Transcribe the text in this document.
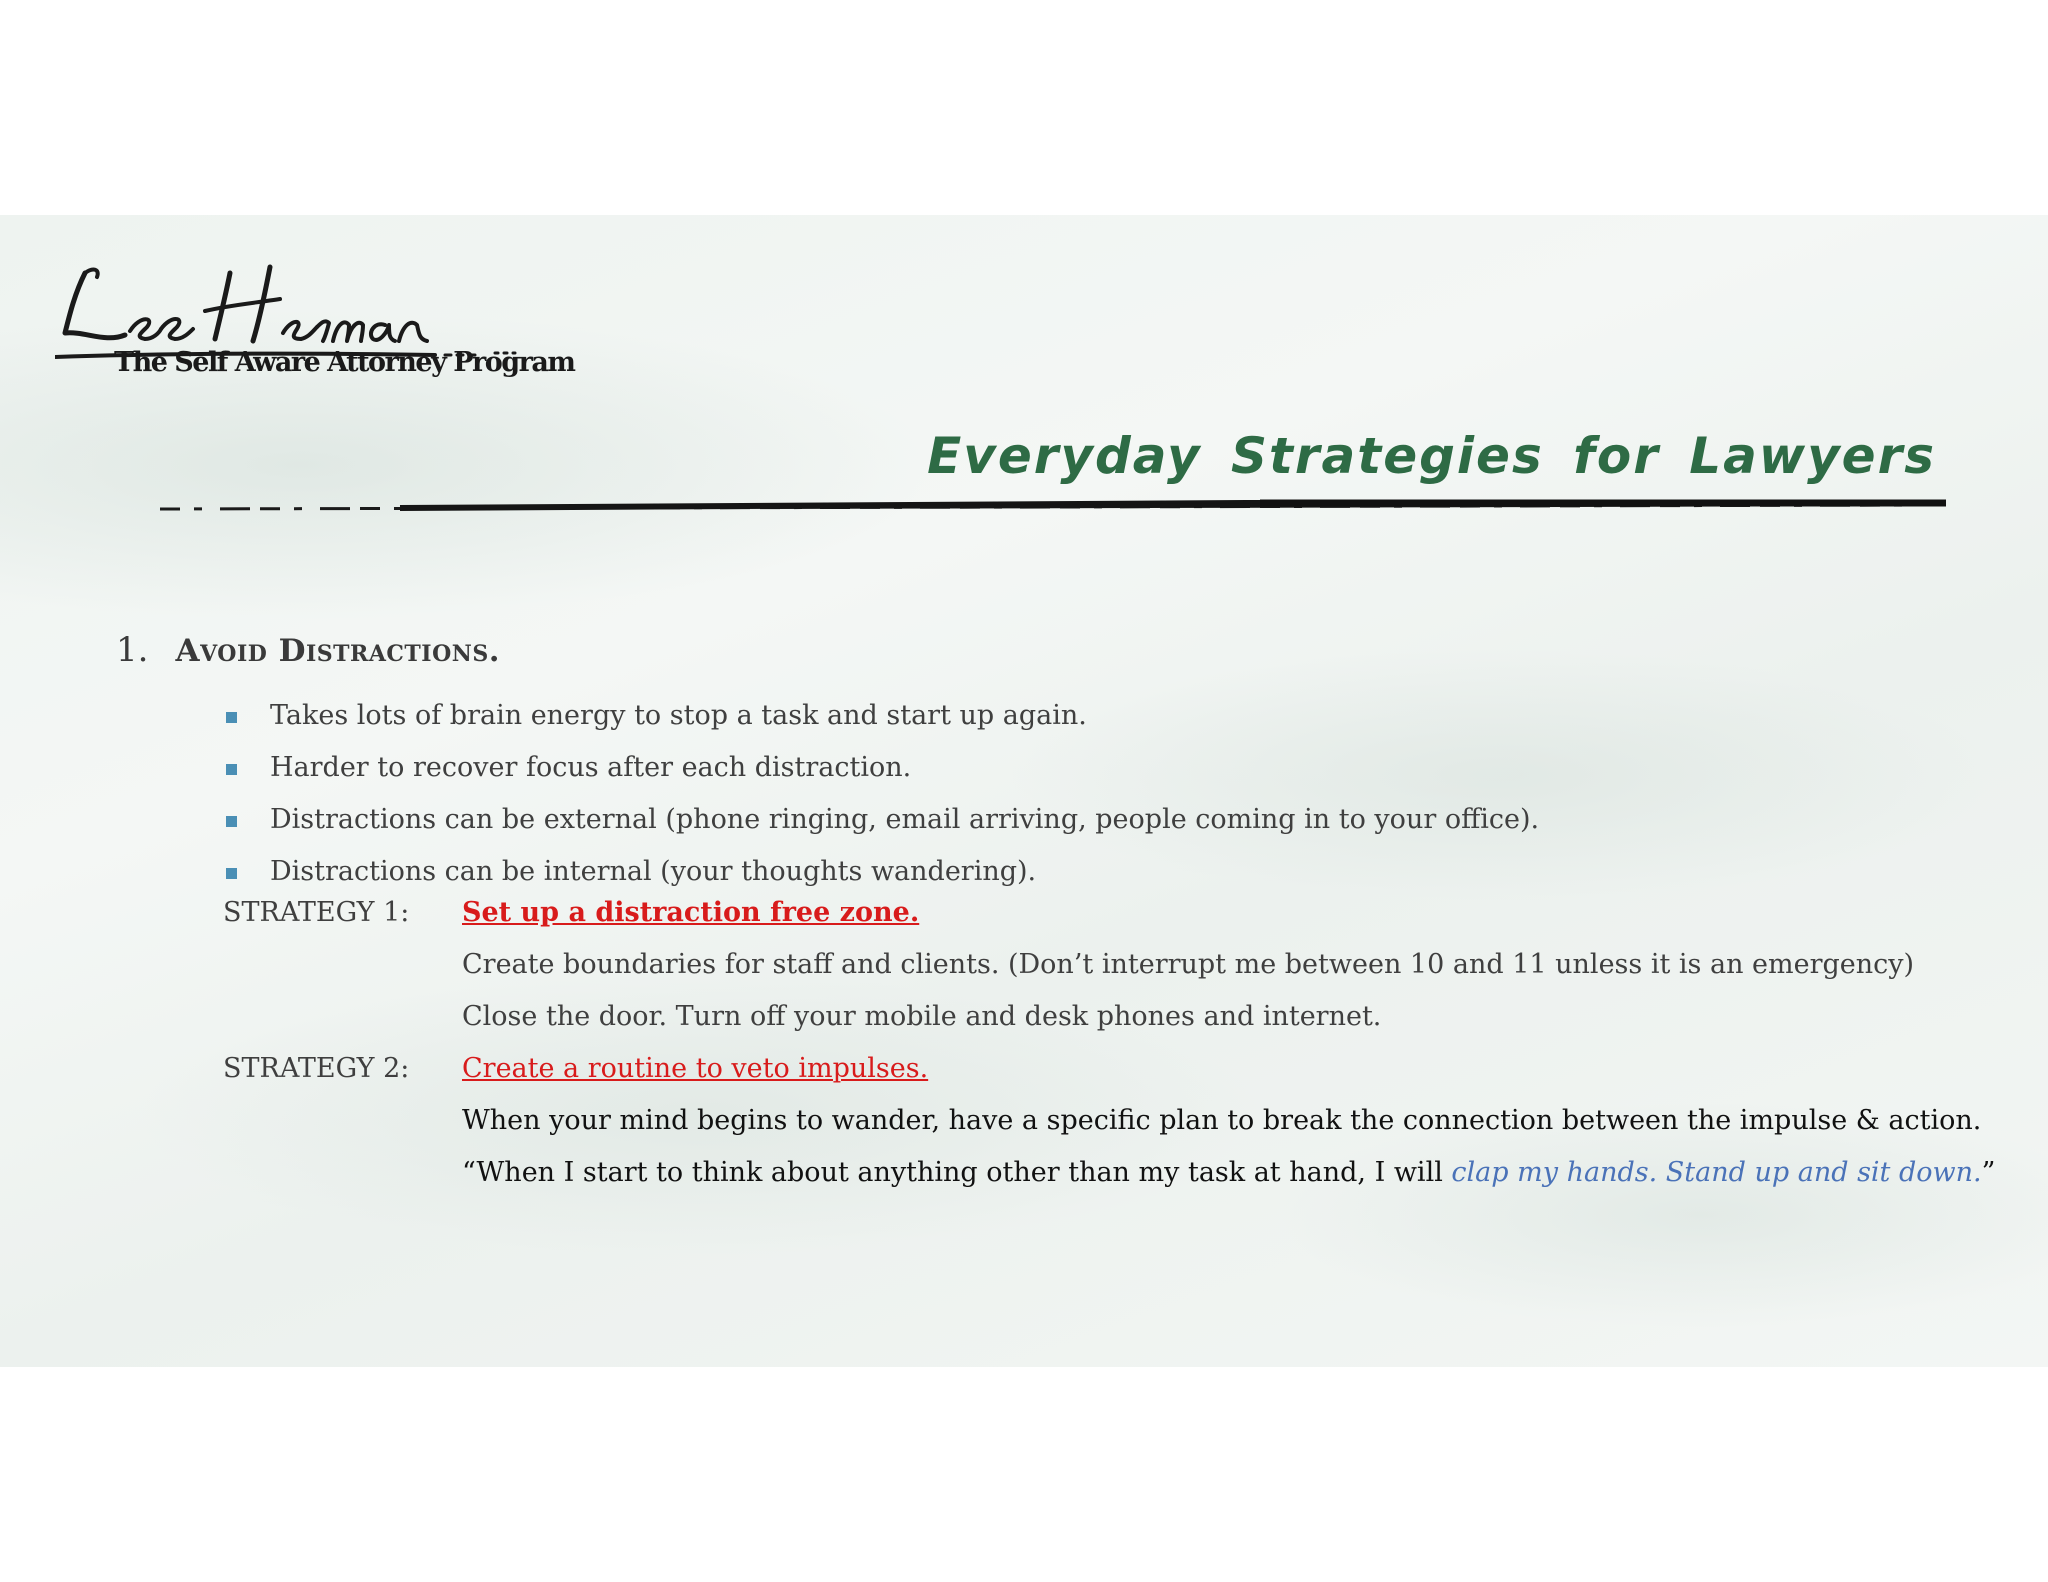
The Self Aware Attorney Program
Everyday Strategies for Lawyers
1. Avoid Distractions.
Takes lots of brain energy to stop a task and start up again.
Harder to recover focus after each distraction.
Distractions can be external (phone ringing, email arriving, people coming in to your office).
Distractions can be internal (your thoughts wandering).
STRATEGY 1: Set up a distraction free zone.
Create boundaries for staff and clients. (Don’t interrupt me between 10 and 11 unless it is an emergency)
Close the door. Turn off your mobile and desk phones and internet.
STRATEGY 2: Create a routine to veto impulses.
When your mind begins to wander, have a specific plan to break the connection between the impulse & action.
“When I start to think about anything other than my task at hand, I will clap my hands. Stand up and sit down.”
